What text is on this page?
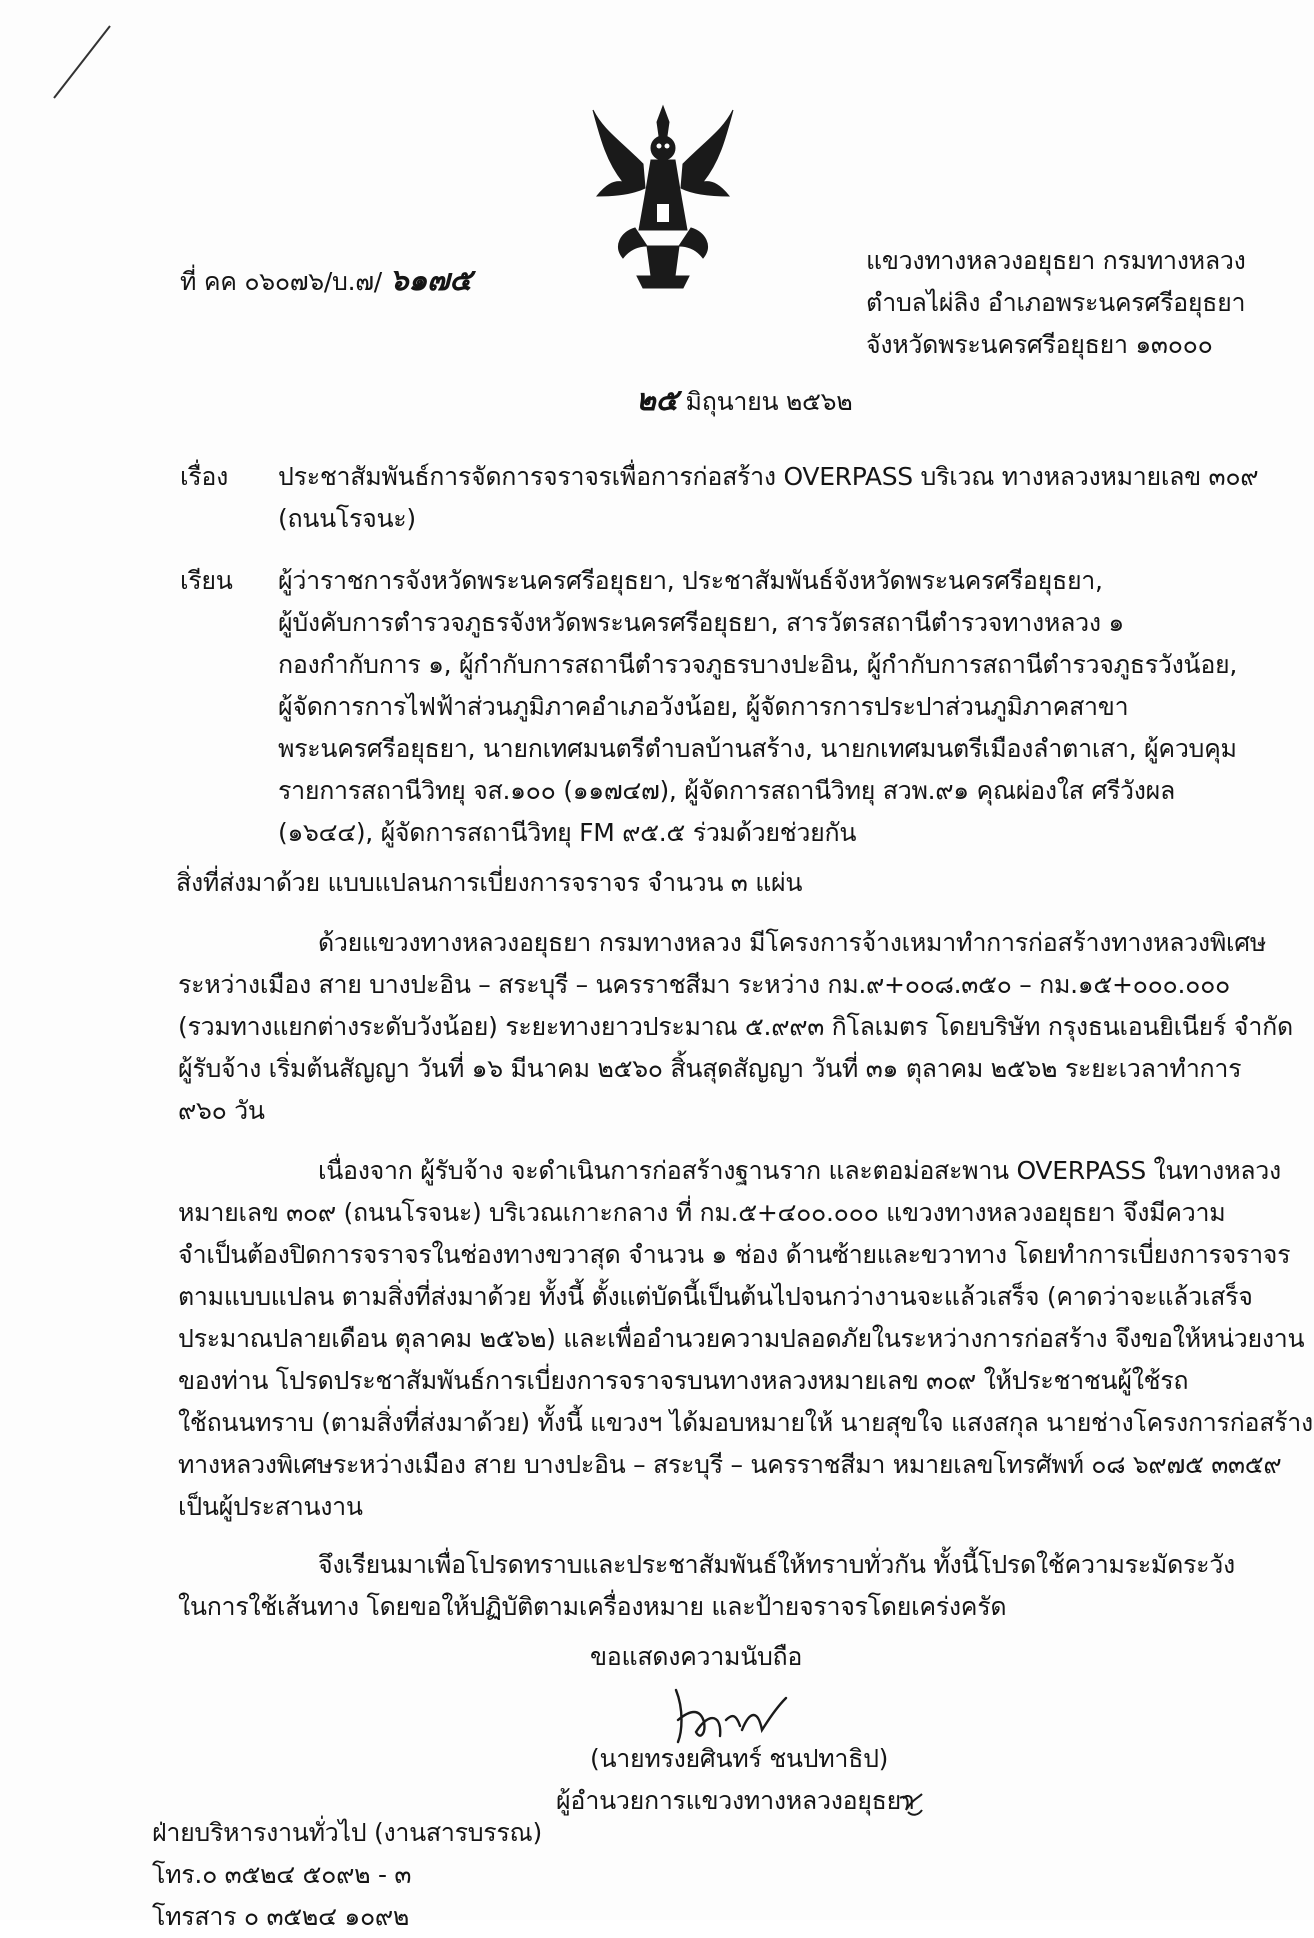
ที่ คค ๐๖๐๗๖/บ.๗/ ๖๑๗๕
แขวงทางหลวงอยุธยา กรมทางหลวง
ตำบลไผ่ลิง อำเภอพระนครศรีอยุธยา
จังหวัดพระนครศรีอยุธยา ๑๓๐๐๐
๒๕ มิถุนายน ๒๕๖๒
เรื่อง ประชาสัมพันธ์การจัดการจราจรเพื่อการก่อสร้าง OVERPASS บริเวณ ทางหลวงหมายเลข ๓๐๙
(ถนนโรจนะ)
เรียน ผู้ว่าราชการจังหวัดพระนครศรีอยุธยา, ประชาสัมพันธ์จังหวัดพระนครศรีอยุธยา,
ผู้บังคับการตำรวจภูธรจังหวัดพระนครศรีอยุธยา, สารวัตรสถานีตำรวจทางหลวง ๑
กองกำกับการ ๑, ผู้กำกับการสถานีตำรวจภูธรบางปะอิน, ผู้กำกับการสถานีตำรวจภูธรวังน้อย,
ผู้จัดการการไฟฟ้าส่วนภูมิภาคอำเภอวังน้อย, ผู้จัดการการประปาส่วนภูมิภาคสาขา
พระนครศรีอยุธยา, นายกเทศมนตรีตำบลบ้านสร้าง, นายกเทศมนตรีเมืองลำตาเสา, ผู้ควบคุม
รายการสถานีวิทยุ จส.๑๐๐ (๑๑๗๔๗), ผู้จัดการสถานีวิทยุ สวพ.๙๑ คุณผ่องใส ศรีวังผล
(๑๖๔๔), ผู้จัดการสถานีวิทยุ FM ๙๕.๕ ร่วมด้วยช่วยกัน
สิ่งที่ส่งมาด้วย แบบแปลนการเบี่ยงการจราจร จำนวน ๓ แผ่น
ด้วยแขวงทางหลวงอยุธยา กรมทางหลวง มีโครงการจ้างเหมาทำการก่อสร้างทางหลวงพิเศษ
ระหว่างเมือง สาย บางปะอิน – สระบุรี – นครราชสีมา ระหว่าง กม.๙+๐๐๘.๓๕๐ – กม.๑๕+๐๐๐.๐๐๐
(รวมทางแยกต่างระดับวังน้อย) ระยะทางยาวประมาณ ๕.๙๙๓ กิโลเมตร โดยบริษัท กรุงธนเอนยิเนียร์ จำกัด
ผู้รับจ้าง เริ่มต้นสัญญา วันที่ ๑๖ มีนาคม ๒๕๖๐ สิ้นสุดสัญญา วันที่ ๓๑ ตุลาคม ๒๕๖๒ ระยะเวลาทำการ
๙๖๐ วัน
เนื่องจาก ผู้รับจ้าง จะดำเนินการก่อสร้างฐานราก และตอม่อสะพาน OVERPASS ในทางหลวง
หมายเลข ๓๐๙ (ถนนโรจนะ) บริเวณเกาะกลาง ที่ กม.๕+๔๐๐.๐๐๐ แขวงทางหลวงอยุธยา จึงมีความ
จำเป็นต้องปิดการจราจรในช่องทางขวาสุด จำนวน ๑ ช่อง ด้านซ้ายและขวาทาง โดยทำการเบี่ยงการจราจร
ตามแบบแปลน ตามสิ่งที่ส่งมาด้วย ทั้งนี้ ตั้งแต่บัดนี้เป็นต้นไปจนกว่างานจะแล้วเสร็จ (คาดว่าจะแล้วเสร็จ
ประมาณปลายเดือน ตุลาคม ๒๕๖๒) และเพื่ออำนวยความปลอดภัยในระหว่างการก่อสร้าง จึงขอให้หน่วยงาน
ของท่าน โปรดประชาสัมพันธ์การเบี่ยงการจราจรบนทางหลวงหมายเลข ๓๐๙ ให้ประชาชนผู้ใช้รถ
ใช้ถนนทราบ (ตามสิ่งที่ส่งมาด้วย) ทั้งนี้ แขวงฯ ได้มอบหมายให้ นายสุขใจ แสงสกุล นายช่างโครงการก่อสร้าง
ทางหลวงพิเศษระหว่างเมือง สาย บางปะอิน – สระบุรี – นครราชสีมา หมายเลขโทรศัพท์ ๐๘ ๖๙๗๕ ๓๓๕๙
เป็นผู้ประสานงาน
จึงเรียนมาเพื่อโปรดทราบและประชาสัมพันธ์ให้ทราบทั่วกัน ทั้งนี้โปรดใช้ความระมัดระวัง
ในการใช้เส้นทาง โดยขอให้ปฏิบัติตามเครื่องหมาย และป้ายจราจรโดยเคร่งครัด
ขอแสดงความนับถือ
(นายทรงยศินทร์ ชนปทาธิป)
ผู้อำนวยการแขวงทางหลวงอยุธยา
ฝ่ายบริหารงานทั่วไป (งานสารบรรณ)
โทร.๐ ๓๕๒๔ ๕๐๙๒ - ๓
โทรสาร ๐ ๓๕๒๔ ๑๐๙๒
